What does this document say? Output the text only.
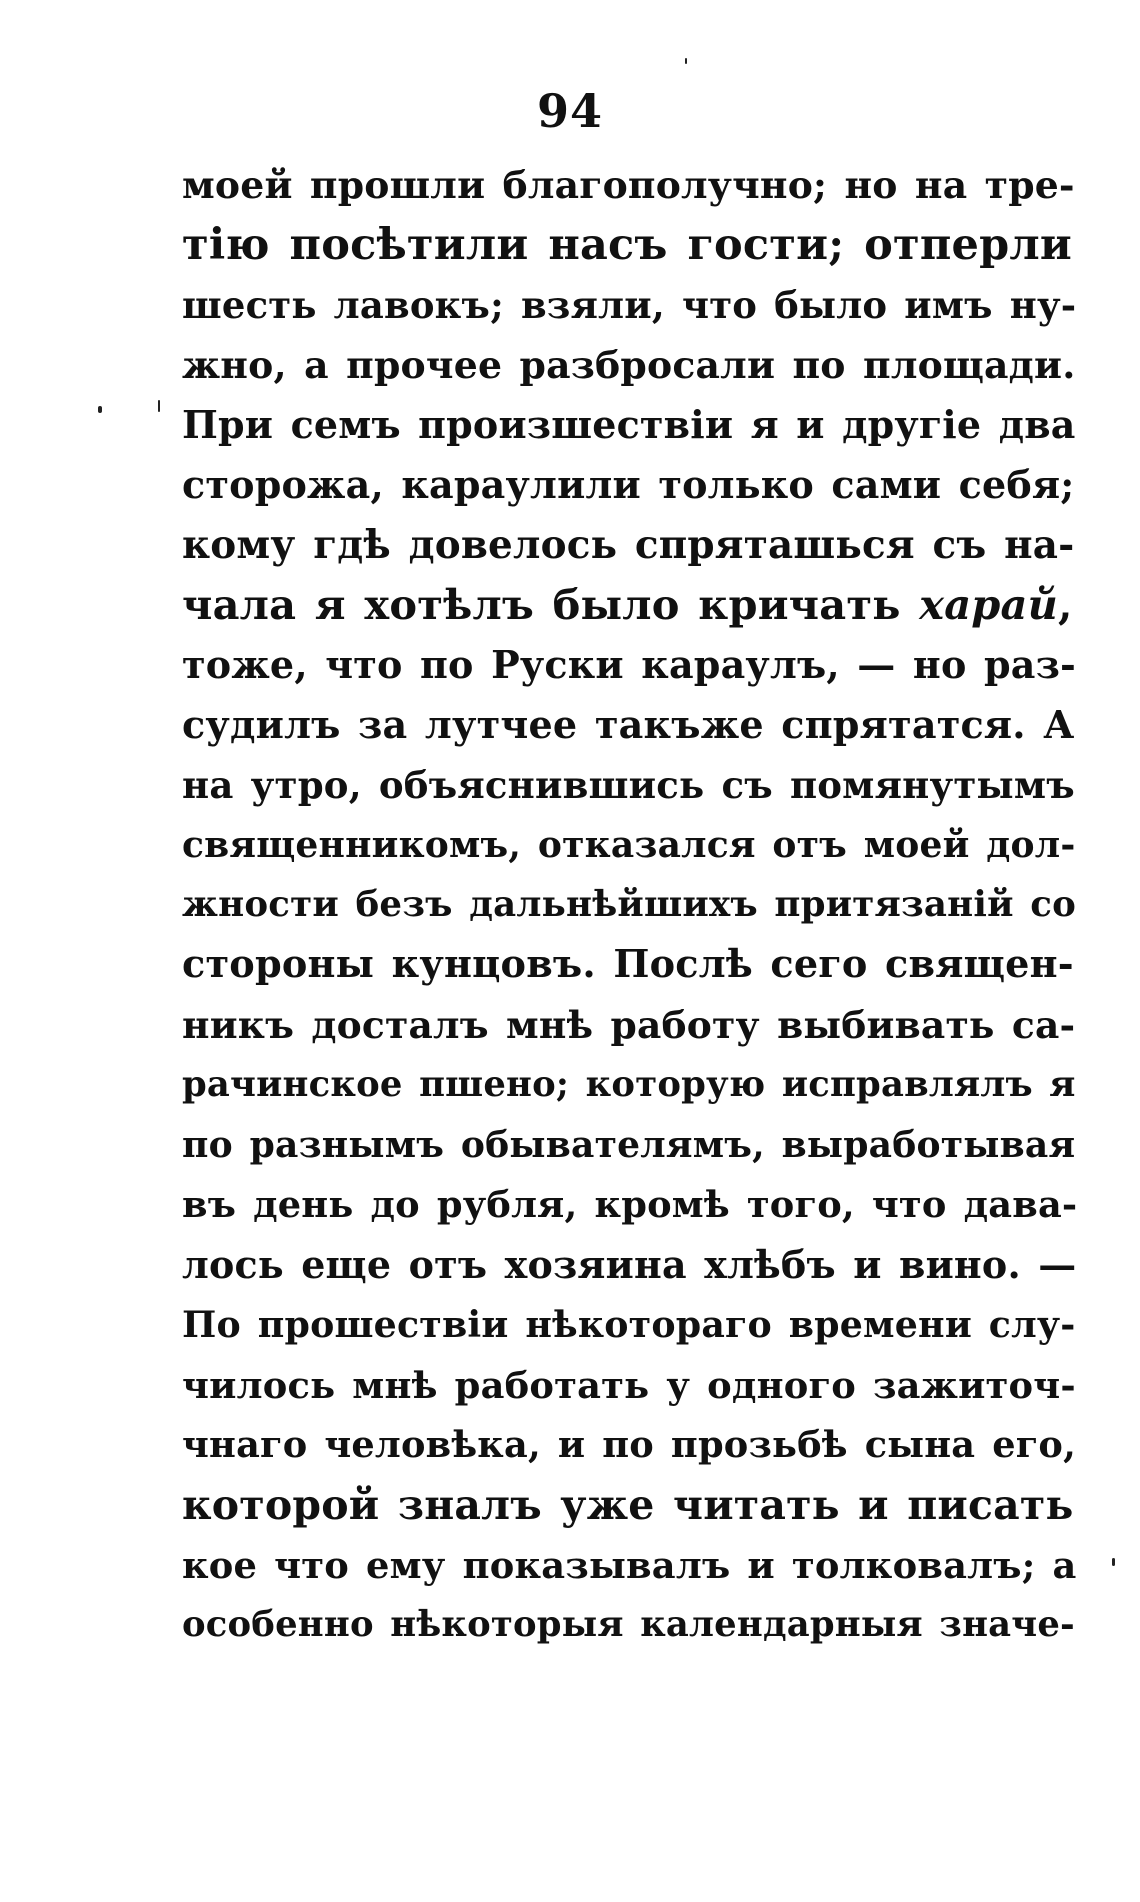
94
моей прошли благополучно; но на тре-
тiю посѣтили насъ гости; отперли
шесть лавокъ; взяли, что было имъ ну-
жно, а прочее разбросали по площади.
При семъ произшествiи я и другiе два
сторожа, караулили только сами себя;
кому гдѣ довелось спряташься съ на-
чала я хотѣлъ было кричать харай,
тоже, что по Руски караулъ, — но раз-
судилъ за лутчее такъже спрятатся. А
на утро, объяснившись съ помянутымъ
священникомъ, отказался отъ моей дол-
жности безъ дальнѣйшихъ притязанiй со
стороны кунцовъ. Послѣ сего священ-
никъ досталъ мнѣ работу выбивать са-
рачинское пшено; которую исправлялъ я
по разнымъ обывателямъ, выработывая
въ день до рубля, кромѣ того, что дава-
лось еще отъ хозяина хлѣбъ и вино. —
По прошествiи нѣкотораго времени слу-
чилось мнѣ работать у одного зажиточ-
чнаго человѣка, и по прозьбѣ сына его,
которой зналъ уже читать и писать
кое что ему показывалъ и толковалъ; а
особенно нѣкоторыя календарныя значе-
